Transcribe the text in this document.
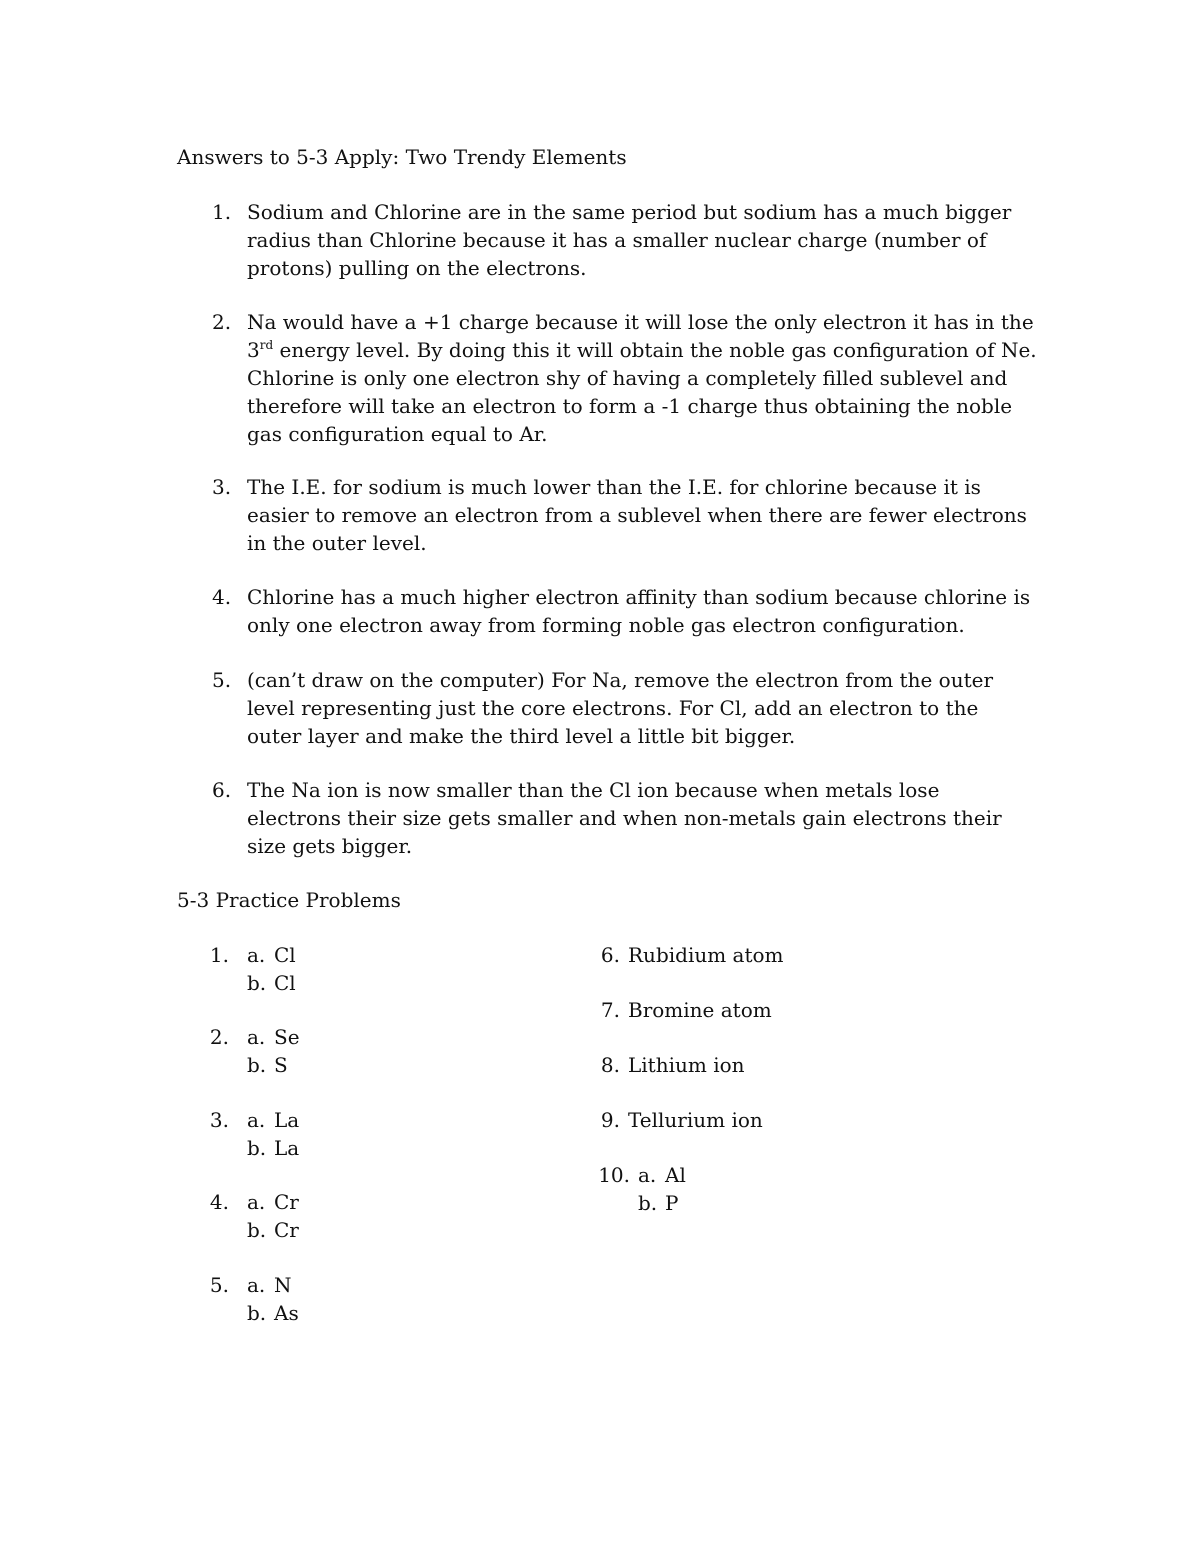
Answers to 5-3 Apply: Two Trendy Elements
1. Sodium and Chlorine are in the same period but sodium has a much bigger radius than Chlorine because it has a smaller nuclear charge (number of protons) pulling on the electrons.
2. Na would have a +1 charge because it will lose the only electron it has in the 3rd energy level. By doing this it will obtain the noble gas configuration of Ne. Chlorine is only one electron shy of having a completely filled sublevel and therefore will take an electron to form a -1 charge thus obtaining the noble gas configuration equal to Ar.
3. The I.E. for sodium is much lower than the I.E. for chlorine because it is easier to remove an electron from a sublevel when there are fewer electrons in the outer level.
4. Chlorine has a much higher electron affinity than sodium because chlorine is only one electron away from forming noble gas electron configuration.
5. (can’t draw on the computer) For Na, remove the electron from the outer level representing just the core electrons. For Cl, add an electron to the outer layer and make the third level a little bit bigger.
6. The Na ion is now smaller than the Cl ion because when metals lose electrons their size gets smaller and when non-metals gain electrons their size gets bigger.
5-3 Practice Problems
1. a. Cl
b. Cl
2. a. Se
b. S
3. a. La
b. La
4. a. Cr
b. Cr
5. a. N
b. As
6. Rubidium atom
7. Bromine atom
8. Lithium ion
9. Tellurium ion
10. a. Al
b. P
